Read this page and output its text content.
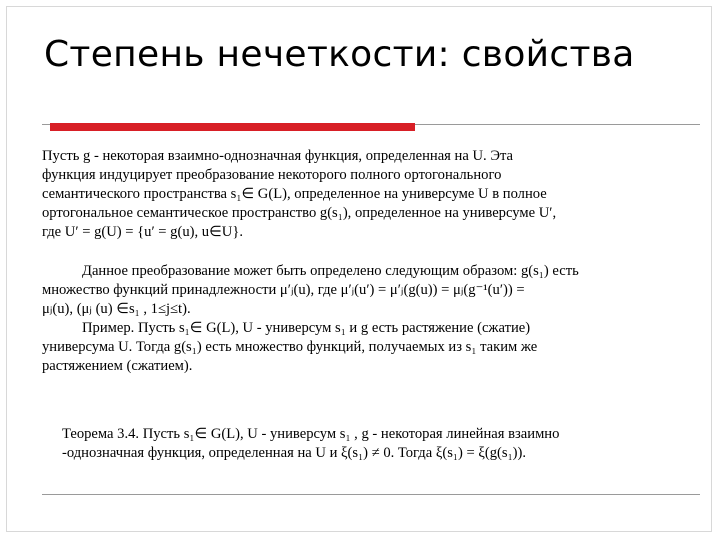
Степень нечеткости: свойства
Пусть g - некоторая взаимно-однозначная функция, определенная на U. Эта
функция индуцирует преобразование некоторого полного ортогонального
семантического пространства s₁∈ G(L), определенное на универсуме U в полное
ортогональное семантическое пространство g(s₁), определенное на универсуме U′,
где U′ = g(U) = {u′ = g(u), u∈U}.
Данное преобразование может быть определено следующим образом: g(s₁) есть
множество функций принадлежности μ′ⱼ(u), где μ′ⱼ(u′) = μ′ⱼ(g(u)) = μⱼ(g⁻¹(u′)) =
μⱼ(u), (μⱼ (u) ∈s₁ , 1≤j≤t).
Пример. Пусть s₁∈ G(L), U - универсум s₁ и g есть растяжение (сжатие)
универсума U. Тогда g(s₁) есть множество функций, получаемых из s₁ таким же
растяжением (сжатием).
Теорема 3.4. Пусть s₁∈ G(L), U - универсум s₁ , g - некоторая линейная взаимно
-однозначная функция, определенная на U и ξ(s₁) ≠ 0. Тогда ξ(s₁) = ξ(g(s₁)).
